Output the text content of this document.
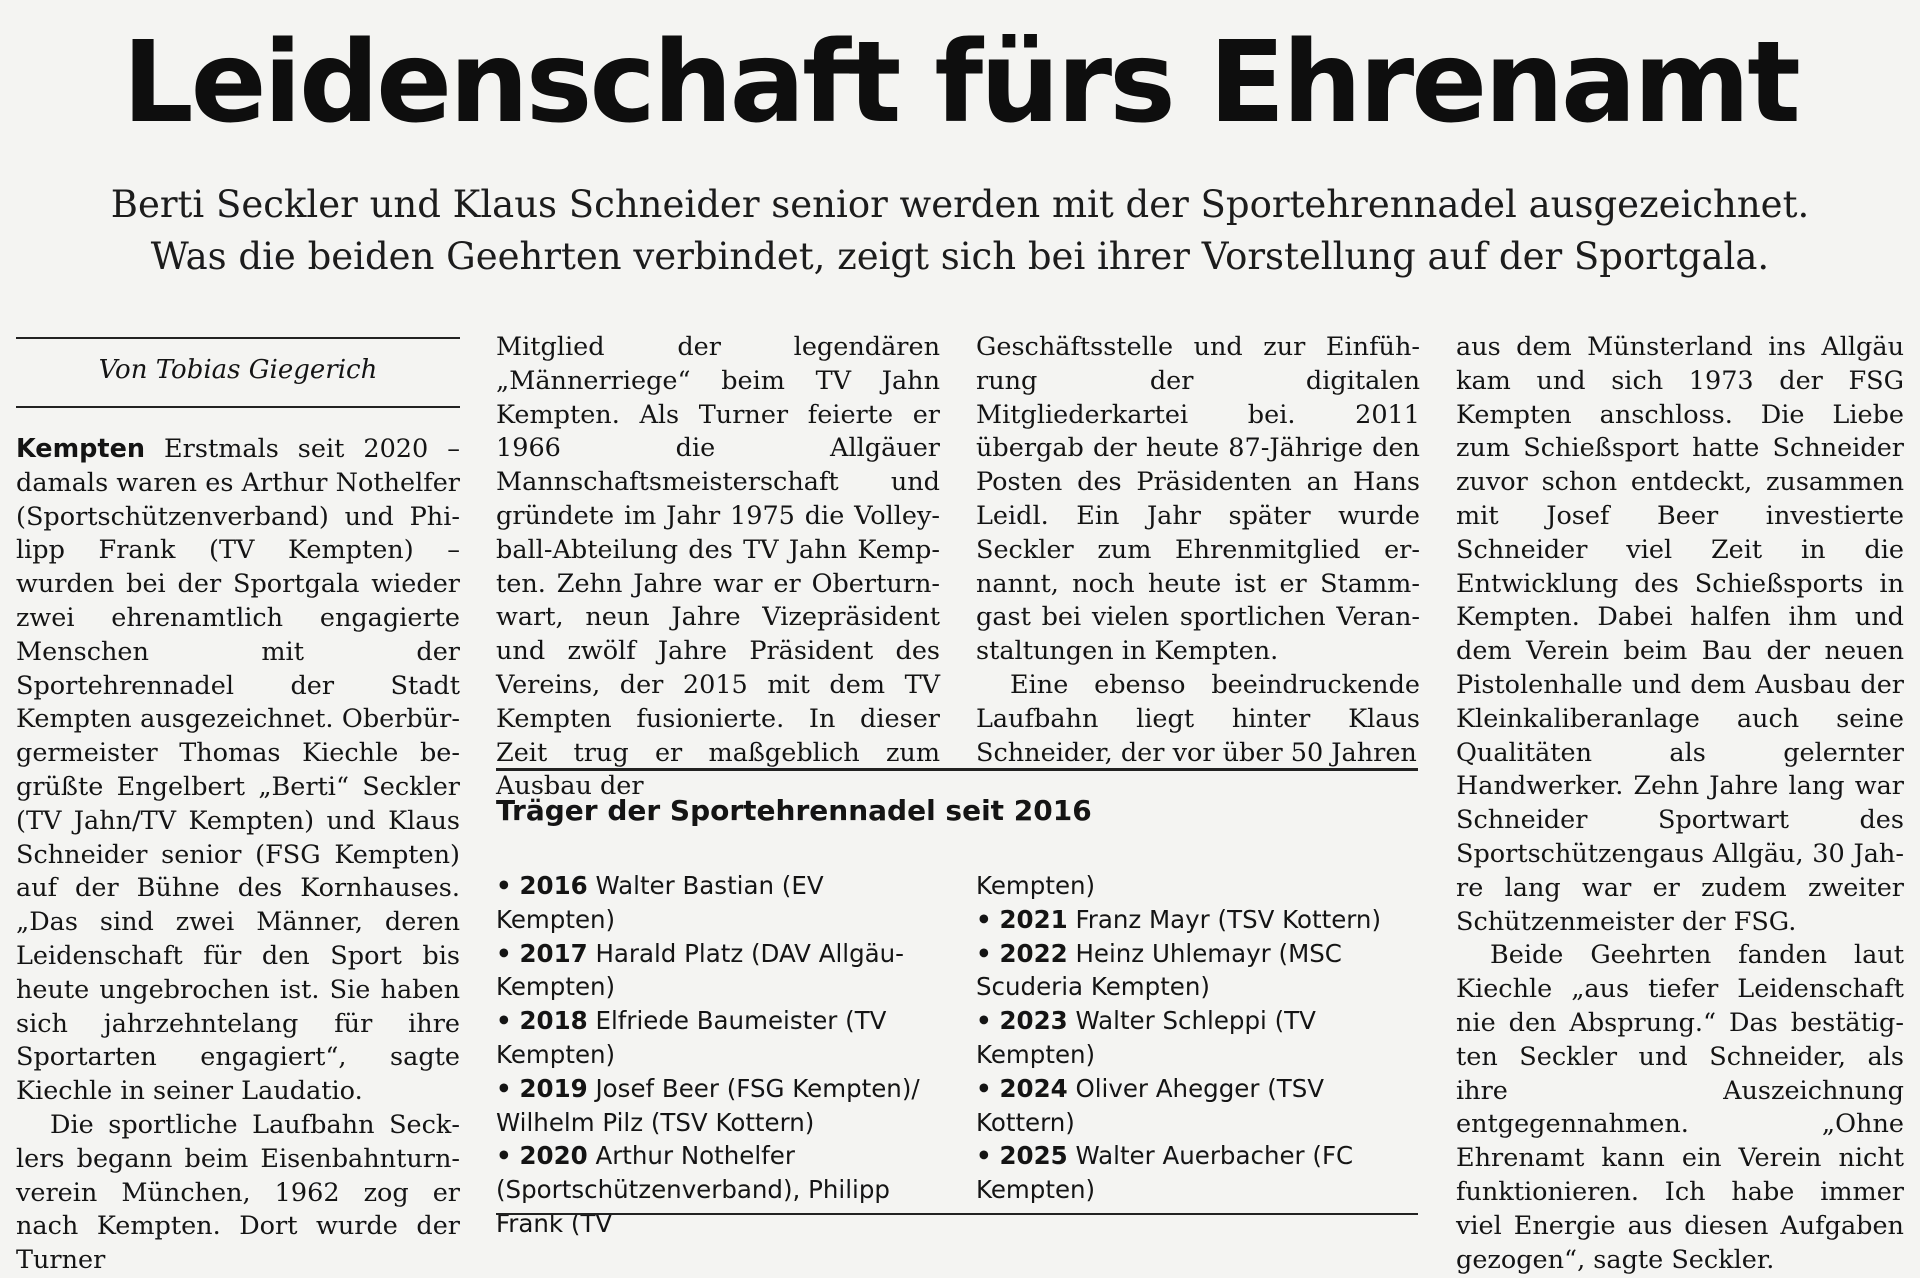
Leidenschaft fürs Ehrenamt
Berti Seckler und Klaus Schneider senior werden mit der Sportehrennadel ausgezeichnet.
Was die beiden Geehrten verbindet, zeigt sich bei ihrer Vorstellung auf der Sportgala.
Von Tobias Giegerich

Kempten Erstmals seit 2020 – damals waren es Arthur Nothelfer (Sportschützenverband) und Philipp Frank (TV Kempten) – wurden bei der Sportgala wieder zwei ehrenamtlich engagierte Menschen mit der Sportehrennadel der Stadt Kempten ausgezeichnet. Oberbürgermeister Thomas Kiechle begrüßte Engelbert „Berti“ Seckler (TV Jahn/TV Kempten) und Klaus Schneider senior (FSG Kempten) auf der Bühne des Kornhauses. „Das sind zwei Männer, deren Leidenschaft für den Sport bis heute ungebrochen ist. Sie haben sich jahrzehntelang für ihre Sportarten engagiert“, sagte Kiechle in seiner Laudatio.

Die sportliche Laufbahn Secklers begann beim Eisenbahnturnverein München, 1962 zog er nach Kempten. Dort wurde der Turner

Mitglied der legendären „Männerriege“ beim TV Jahn Kempten. Als Turner feierte er 1966 die Allgäuer Mannschaftsmeisterschaft und gründete im Jahr 1975 die Volleyball-Abteilung des TV Jahn Kempten. Zehn Jahre war er Oberturnwart, neun Jahre Vizepräsident und zwölf Jahre Präsident des Vereins, der 2015 mit dem TV Kempten fusionierte. In dieser Zeit trug er maßgeblich zum Ausbau der

Geschäftsstelle und zur Einführung der digitalen Mitgliederkartei bei. 2011 übergab der heute 87-Jährige den Posten des Präsidenten an Hans Leidl. Ein Jahr später wurde Seckler zum Ehrenmitglied ernannt, noch heute ist er Stammgast bei vielen sportlichen Veranstaltungen in Kempten.

Eine ebenso beeindruckende Laufbahn liegt hinter Klaus Schneider, der vor über 50 Jahren

aus dem Münsterland ins Allgäu kam und sich 1973 der FSG Kempten anschloss. Die Liebe zum Schießsport hatte Schneider zuvor schon entdeckt, zusammen mit Josef Beer investierte Schneider viel Zeit in die Entwicklung des Schießsports in Kempten. Dabei halfen ihm und dem Verein beim Bau der neuen Pistolenhalle und dem Ausbau der Kleinkaliberanlage auch seine Qualitäten als gelernter Handwerker. Zehn Jahre lang war Schneider Sportwart des Sportschützengaus Allgäu, 30 Jahre lang war er zudem zweiter Schützenmeister der FSG.

Beide Geehrten fanden laut Kiechle „aus tiefer Leidenschaft nie den Absprung.“ Das bestätigten Seckler und Schneider, als ihre Auszeichnung entgegennahmen. „Ohne Ehrenamt kann ein Verein nicht funktionieren. Ich habe immer viel Energie aus diesen Aufgaben gezogen“, sagte Seckler.

Träger der Sportehrennadel seit 2016
• 2016 Walter Bastian (EV Kempten)
• 2017 Harald Platz (DAV Allgäu-Kempten)
• 2018 Elfriede Baumeister (TV Kempten)
• 2019 Josef Beer (FSG Kempten)/ Wilhelm Pilz (TSV Kottern)
• 2020 Arthur Nothelfer (Sportschützenverband), Philipp Frank (TV
Kempten)
• 2021 Franz Mayr (TSV Kottern)
• 2022 Heinz Uhlemayr (MSC Scuderia Kempten)
• 2023 Walter Schleppi (TV Kempten)
• 2024 Oliver Ahegger (TSV Kottern)
• 2025 Walter Auerbacher (FC Kempten)
